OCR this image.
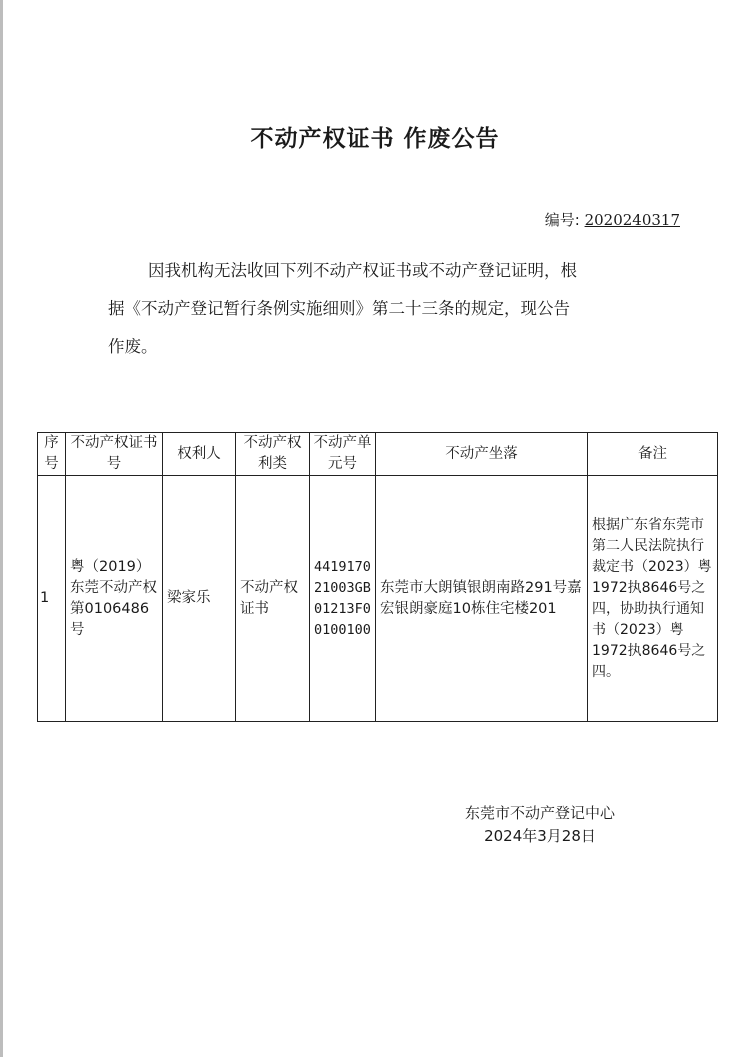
不动产权证书 作废公告
编号: 2020240317

因我机构无法收回下列不动产权证书或不动产登记证明，根

据《不动产登记暂行条例实施细则》第二十三条的规定，现公告

作废。

序号	不动产权证书号	权利人	不动产权利类	不动产单元号	不动产坐落	备注
1	粤（2019）东莞不动产权第0106486号	梁家乐	不动产权证书	441917021003GB01213F00100100	东莞市大朗镇银朗南路291号嘉宏银朗豪庭10栋住宅楼201	根据广东省东莞市第二人民法院执行裁定书（2023）粤1972执8646号之四，协助执行通知书（2023）粤1972执8646号之四。
东莞市不动产登记中心
2024年3月28日
